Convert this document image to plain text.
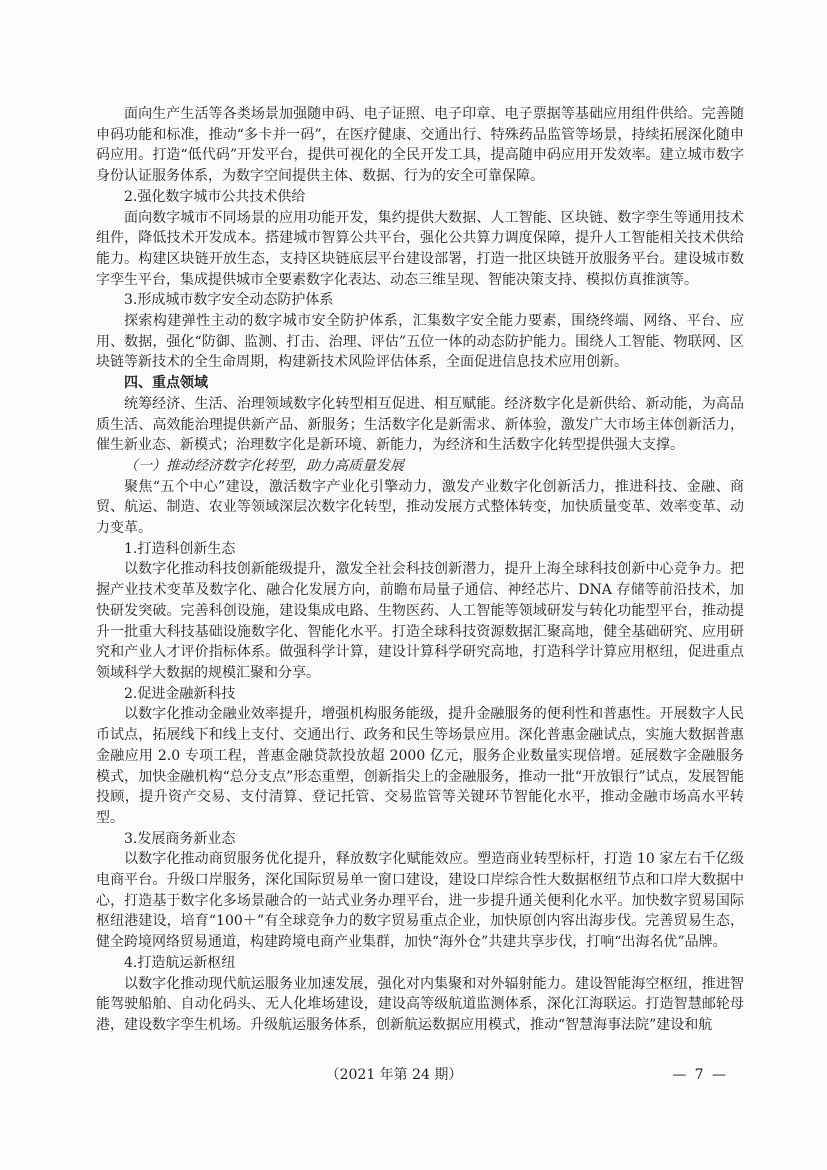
面向生产生活等各类场景加强随申码、电子证照、电子印章、电子票据等基础应用组件供给。完善随申码功能和标准，推动“多卡并一码”，在医疗健康、交通出行、特殊药品监管等场景，持续拓展深化随申码应用。打造“低代码”开发平台，提供可视化的全民开发工具，提高随申码应用开发效率。建立城市数字身份认证服务体系，为数字空间提供主体、数据、行为的安全可靠保障。

2.强化数字城市公共技术供给

面向数字城市不同场景的应用功能开发，集约提供大数据、人工智能、区块链、数字孪生等通用技术组件，降低技术开发成本。搭建城市智算公共平台，强化公共算力调度保障，提升人工智能相关技术供给能力。构建区块链开放生态，支持区块链底层平台建设部署，打造一批区块链开放服务平台。建设城市数字孪生平台，集成提供城市全要素数字化表达、动态三维呈现、智能决策支持、模拟仿真推演等。

3.形成城市数字安全动态防护体系

探索构建弹性主动的数字城市安全防护体系，汇集数字安全能力要素，围绕终端、网络、平台、应用、数据，强化“防御、监测、打击、治理、评估”五位一体的动态防护能力。围绕人工智能、物联网、区块链等新技术的全生命周期，构建新技术风险评估体系，全面促进信息技术应用创新。

四、重点领域

统筹经济、生活、治理领域数字化转型相互促进、相互赋能。经济数字化是新供给、新动能，为高品质生活、高效能治理提供新产品、新服务；生活数字化是新需求、新体验，激发广大市场主体创新活力，催生新业态、新模式；治理数字化是新环境、新能力，为经济和生活数字化转型提供强大支撑。

（一）推动经济数字化转型，助力高质量发展

聚焦“五个中心”建设，激活数字产业化引擎动力，激发产业数字化创新活力，推进科技、金融、商贸、航运、制造、农业等领域深层次数字化转型，推动发展方式整体转变，加快质量变革、效率变革、动力变革。

1.打造科创新生态

以数字化推动科技创新能级提升，激发全社会科技创新潜力，提升上海全球科技创新中心竞争力。把握产业技术变革及数字化、融合化发展方向，前瞻布局量子通信、神经芯片、DNA 存储等前沿技术，加快研发突破。完善科创设施，建设集成电路、生物医药、人工智能等领域研发与转化功能型平台，推动提升一批重大科技基础设施数字化、智能化水平。打造全球科技资源数据汇聚高地，健全基础研究、应用研究和产业人才评价指标体系。做强科学计算，建设计算科学研究高地，打造科学计算应用枢纽，促进重点领域科学大数据的规模汇聚和分享。

2.促进金融新科技

以数字化推动金融业效率提升，增强机构服务能级，提升金融服务的便利性和普惠性。开展数字人民币试点，拓展线下和线上支付、交通出行、政务和民生等场景应用。深化普惠金融试点，实施大数据普惠金融应用 2.0 专项工程，普惠金融贷款投放超 2000 亿元，服务企业数量实现倍增。延展数字金融服务模式，加快金融机构“总分支点”形态重塑，创新指尖上的金融服务，推动一批“开放银行”试点，发展智能投顾，提升资产交易、支付清算、登记托管、交易监管等关键环节智能化水平，推动金融市场高水平转型。

3.发展商务新业态

以数字化推动商贸服务优化提升，释放数字化赋能效应。塑造商业转型标杆，打造 10 家左右千亿级电商平台。升级口岸服务，深化国际贸易单一窗口建设，建设口岸综合性大数据枢纽节点和口岸大数据中心，打造基于数字化多场景融合的一站式业务办理平台，进一步提升通关便利化水平。加快数字贸易国际枢纽港建设，培育“100＋”有全球竞争力的数字贸易重点企业，加快原创内容出海步伐。完善贸易生态，健全跨境网络贸易通道，构建跨境电商产业集群，加快“海外仓”共建共享步伐，打响“出海名优”品牌。

4.打造航运新枢纽

以数字化推动现代航运服务业加速发展，强化对内集聚和对外辐射能力。建设智能海空枢纽，推进智能驾驶船舶、自动化码头、无人化堆场建设，建设高等级航道监测体系，深化江海联运。打造智慧邮轮母港，建设数字孪生机场。升级航运服务体系，创新航运数据应用模式，推动“智慧海事法院”建设和航

（2021 年第 24 期）	— 7 —
